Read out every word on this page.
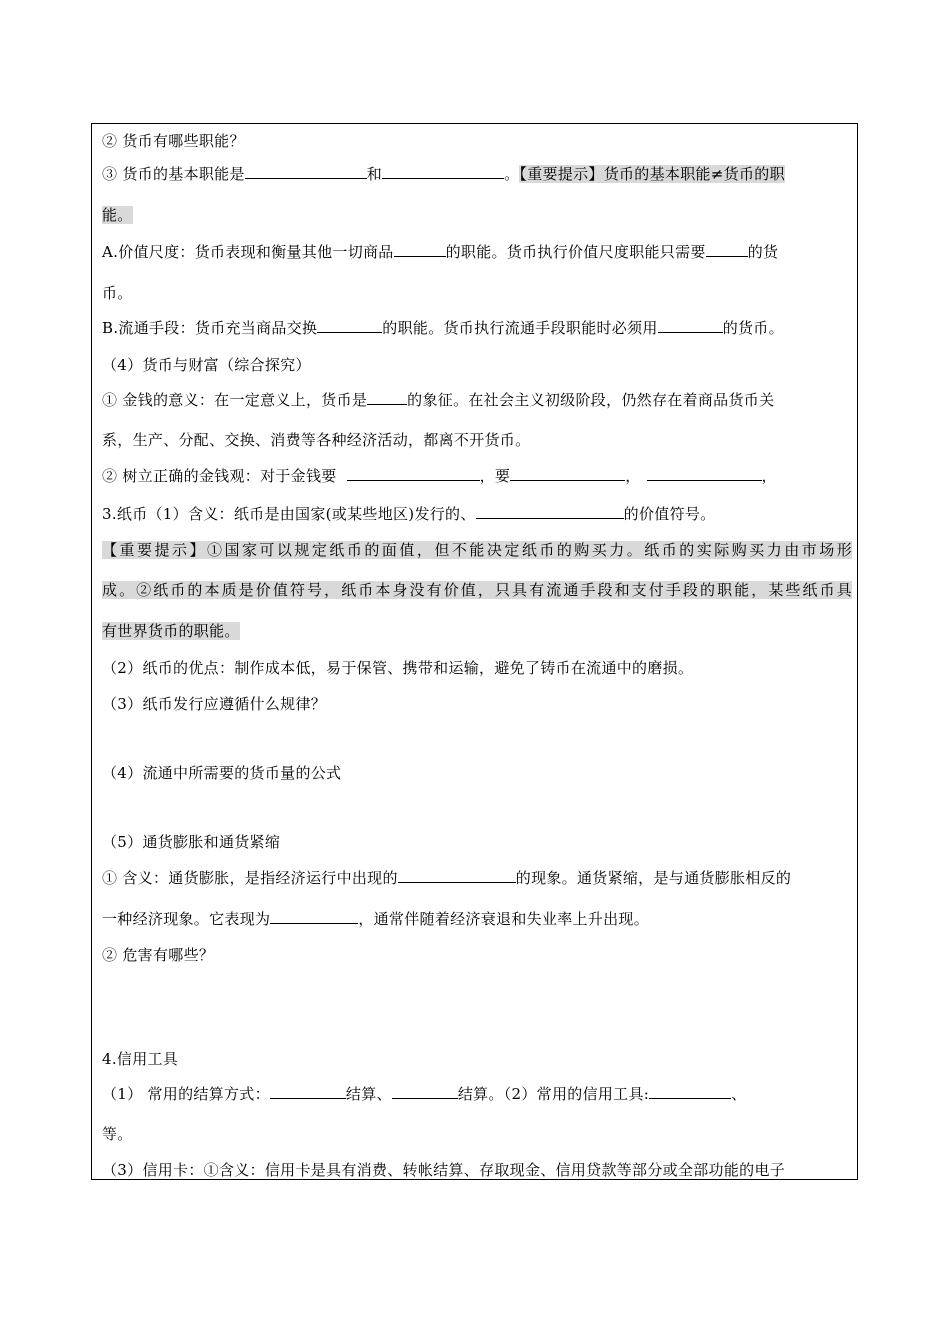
② 货币有哪些职能？
③ 货币的基本职能是	和	。【重要提示】货币的基本职能≠货币的职
能。
A.价值尺度：货币表现和衡量其他一切商品	的职能。货币执行价值尺度职能只需要	的货
币。
B.流通手段：货币充当商品交换	的职能。货币执行流通手段职能时必须用	的货币。
（4）货币与财富（综合探究）
① 金钱的意义：在一定意义上，货币是	的象征。在社会主义初级阶段，仍然存在着商品货币关
系，生产、分配、交换、消费等各种经济活动，都离不开货币。
② 树立正确的金钱观：对于金钱要	，要	，	，
3.纸币（1）含义：纸币是由国家(或某些地区)发行的、	的价值符号。
【重要提示】①国家可以规定纸币的面值，但不能决定纸币的购买力。纸币的实际购买力由市场形
成。②纸币的本质是价值符号，纸币本身没有价值，只具有流通手段和支付手段的职能，某些纸币具
有世界货币的职能。
（2）纸币的优点：制作成本低，易于保管、携带和运输，避免了铸币在流通中的磨损。
（3）纸币发行应遵循什么规律？
（4）流通中所需要的货币量的公式
（5）通货膨胀和通货紧缩
① 含义：通货膨胀，是指经济运行中出现的	的现象。通货紧缩，是与通货膨胀相反的
一种经济现象。它表现为	，通常伴随着经济衰退和失业率上升出现。
② 危害有哪些？
4.信用工具
（1） 常用的结算方式：	结算、	结算。（2）常用的信用工具:	、
等。
（3）信用卡：①含义：信用卡是具有消费、转帐结算、存取现金、信用贷款等部分或全部功能的电子
